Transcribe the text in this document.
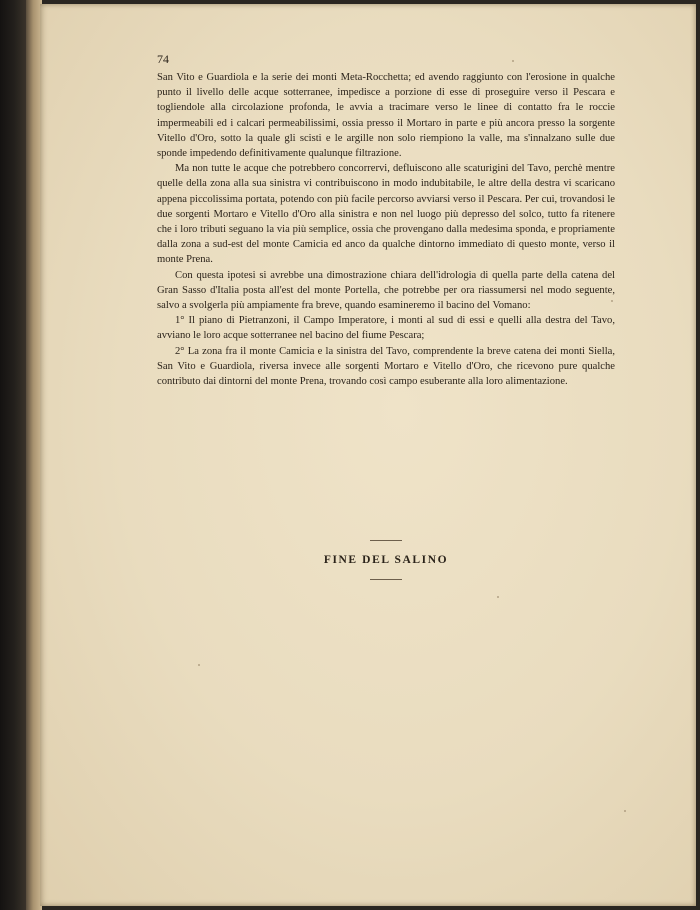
74

San Vito e Guardiola e la serie dei monti Meta-Rocchetta; ed avendo raggiunto con l'erosione in qualche punto il livello delle acque sotterranee, impedisce a porzione di esse di proseguire verso il Pescara e togliendole alla circolazione profonda, le avvia a tracimare verso le linee di contatto fra le roccie impermeabili ed i calcari permeabilissimi, ossia presso il Mortaro in parte e più ancora presso la sorgente Vitello d'Oro, sotto la quale gli scisti e le argille non solo riempiono la valle, ma s'innalzano sulle due sponde impedendo definitivamente qualunque filtrazione.

Ma non tutte le acque che potrebbero concorrervi, defluiscono alle scaturigini del Tavo, perchè mentre quelle della zona alla sua sinistra vi contribuiscono in modo indubitabile, le altre della destra vi scaricano appena piccolissima portata, potendo con più facile percorso avviarsi verso il Pescara. Per cui, trovandosi le due sorgenti Mortaro e Vitello d'Oro alla sinistra e non nel luogo più depresso del solco, tutto fa ritenere che i loro tributi seguano la via più semplice, ossia che provengano dalla medesima sponda, e propriamente dalla zona a sud-est del monte Camicia ed anco da qualche dintorno immediato di questo monte, verso il monte Prena.

Con questa ipotesi si avrebbe una dimostrazione chiara dell'idrologia di quella parte della catena del Gran Sasso d'Italia posta all'est del monte Portella, che potrebbe per ora riassumersi nel modo seguente, salvo a svolgerla più ampiamente fra breve, quando esamineremo il bacino del Vomano:

1° Il piano di Pietranzoni, il Campo Imperatore, i monti al sud di essi e quelli alla destra del Tavo, avviano le loro acque sotterranee nel bacino del fiume Pescara;

2° La zona fra il monte Camicia e la sinistra del Tavo, comprendente la breve catena dei monti Siella, San Vito e Guardiola, riversa invece alle sorgenti Mortaro e Vitello d'Oro, che ricevono pure qualche contributo dai dintorni del monte Prena, trovando così campo esuberante alla loro alimentazione.

FINE DEL SALINO
